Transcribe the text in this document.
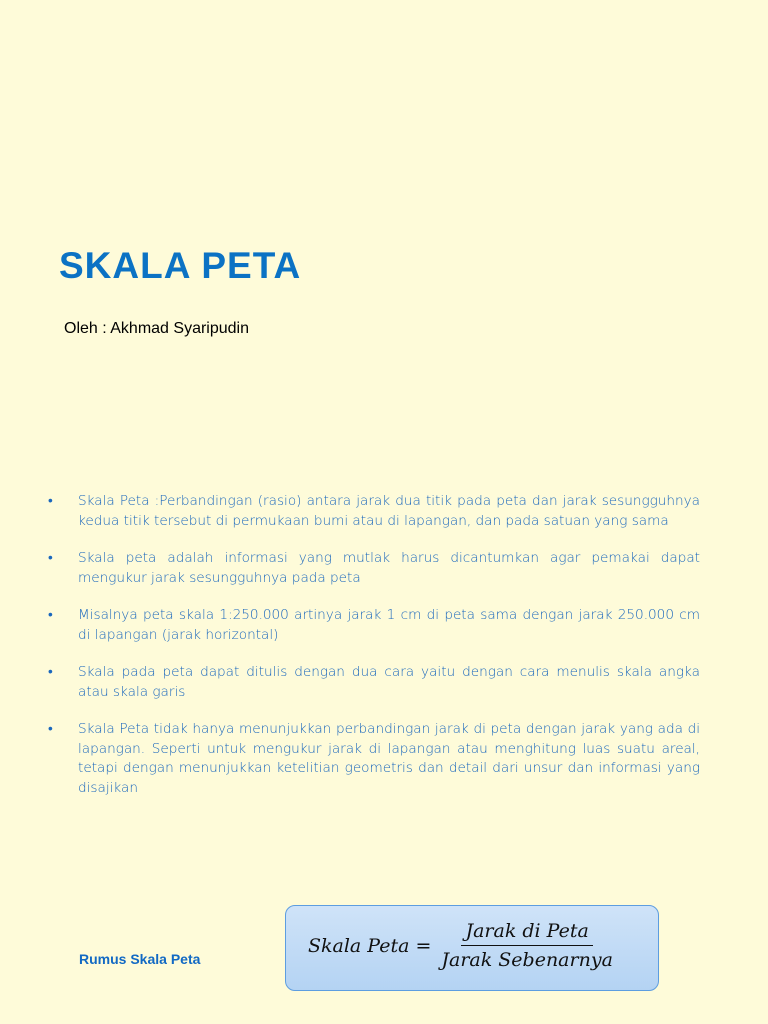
SKALA PETA
Oleh : Akhmad Syaripudin
• Skala Peta :Perbandingan (rasio) antara jarak dua titik pada peta dan jarak sesungguhnya kedua titik tersebut di permukaan bumi atau di lapangan, dan pada satuan yang sama
• Skala peta adalah informasi yang mutlak harus dicantumkan agar pemakai dapat mengukur jarak sesungguhnya pada peta
• Misalnya peta skala 1:250.000 artinya jarak 1 cm di peta sama dengan jarak 250.000 cm di lapangan (jarak horizontal)
• Skala pada peta dapat ditulis dengan dua cara yaitu dengan cara menulis skala angka atau skala garis
• Skala Peta tidak hanya menunjukkan perbandingan jarak di peta dengan jarak yang ada di lapangan. Seperti untuk mengukur jarak di lapangan atau menghitung luas suatu areal, tetapi dengan menunjukkan ketelitian geometris dan detail dari unsur dan informasi yang disajikan
Rumus Skala Peta
Skala Peta = $\frac{\text{Jarak di Peta}}{\text{Jarak Sebenarnya}}$
